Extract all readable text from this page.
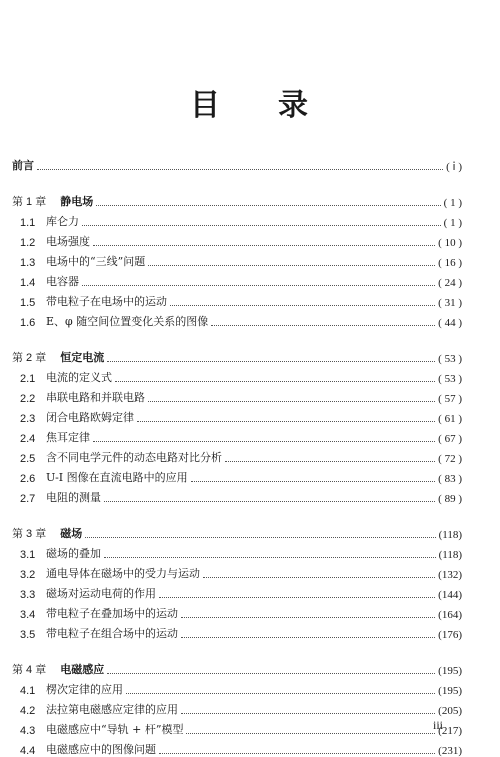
目 录
前言	( ⅰ )
第 1 章 静电场	( 1 )
1.1 库仑力	( 1 )
1.2 电场强度	( 10 )
1.3 电场中的“三线”问题	( 16 )
1.4 电容器	( 24 )
1.5 带电粒子在电场中的运动	( 31 )
1.6 E、φ 随空间位置变化关系的图像	( 44 )
第 2 章 恒定电流	( 53 )
2.1 电流的定义式	( 53 )
2.2 串联电路和并联电路	( 57 )
2.3 闭合电路欧姆定律	( 61 )
2.4 焦耳定律	( 67 )
2.5 含不同电学元件的动态电路对比分析	( 72 )
2.6 U-I 图像在直流电路中的应用	( 83 )
2.7 电阻的测量	( 89 )
第 3 章 磁场	(118)
3.1 磁场的叠加	(118)
3.2 通电导体在磁场中的受力与运动	(132)
3.3 磁场对运动电荷的作用	(144)
3.4 带电粒子在叠加场中的运动	(164)
3.5 带电粒子在组合场中的运动	(176)
第 4 章 电磁感应	(195)
4.1 楞次定律的应用	(195)
4.2 法拉第电磁感应定律的应用	(205)
4.3 电磁感应中“导轨 + 杆”模型	(217)
4.4 电磁感应中的图像问题	(231)
iii
